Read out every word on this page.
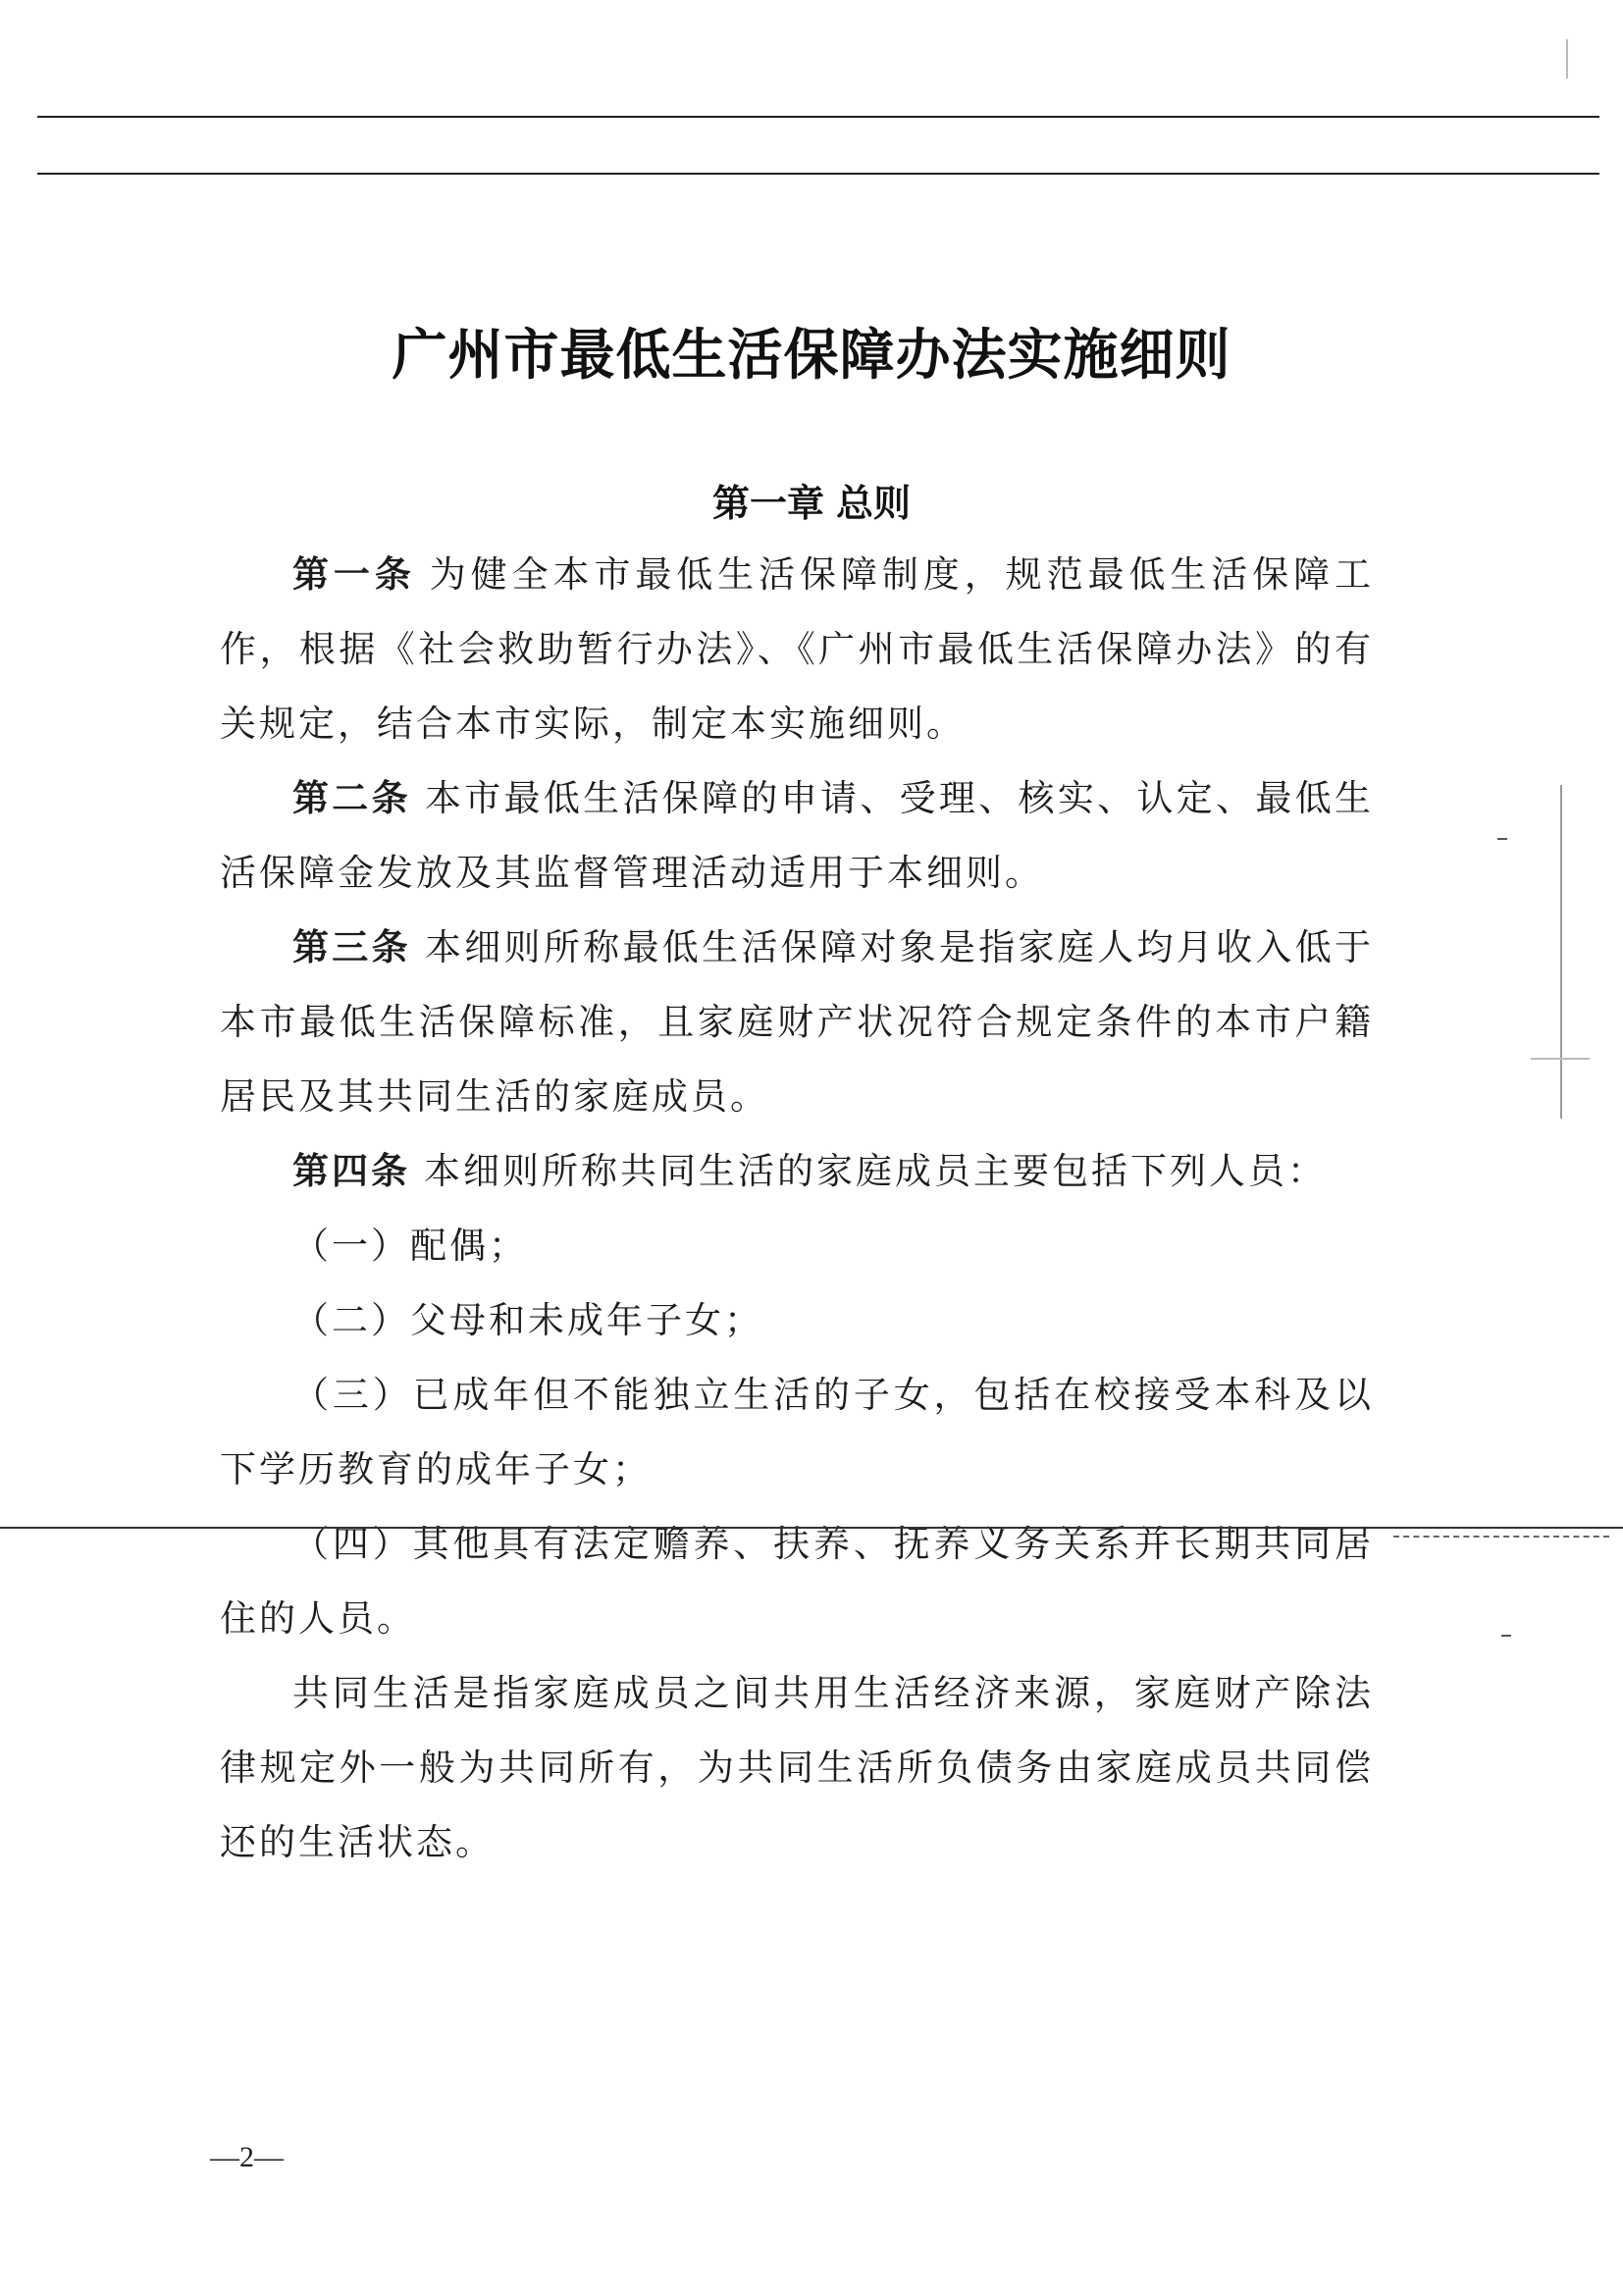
广州市最低生活保障办法实施细则
第一章 总则

第一条 为健全本市最低生活保障制度，规范最低生活保障工作，根据《社会救助暂行办法》、《广州市最低生活保障办法》的有关规定，结合本市实际，制定本实施细则。

第二条 本市最低生活保障的申请、受理、核实、认定、最低生活保障金发放及其监督管理活动适用于本细则。

第三条 本细则所称最低生活保障对象是指家庭人均月收入低于本市最低生活保障标准，且家庭财产状况符合规定条件的本市户籍居民及其共同生活的家庭成员。

第四条 本细则所称共同生活的家庭成员主要包括下列人员：

（一）配偶；

（二）父母和未成年子女；

（三）已成年但不能独立生活的子女，包括在校接受本科及以下学历教育的成年子女；

（四）其他具有法定赡养、扶养、抚养义务关系并长期共同居住的人员。

共同生活是指家庭成员之间共用生活经济来源，家庭财产除法律规定外一般为共同所有，为共同生活所负债务由家庭成员共同偿还的生活状态。

—2—
